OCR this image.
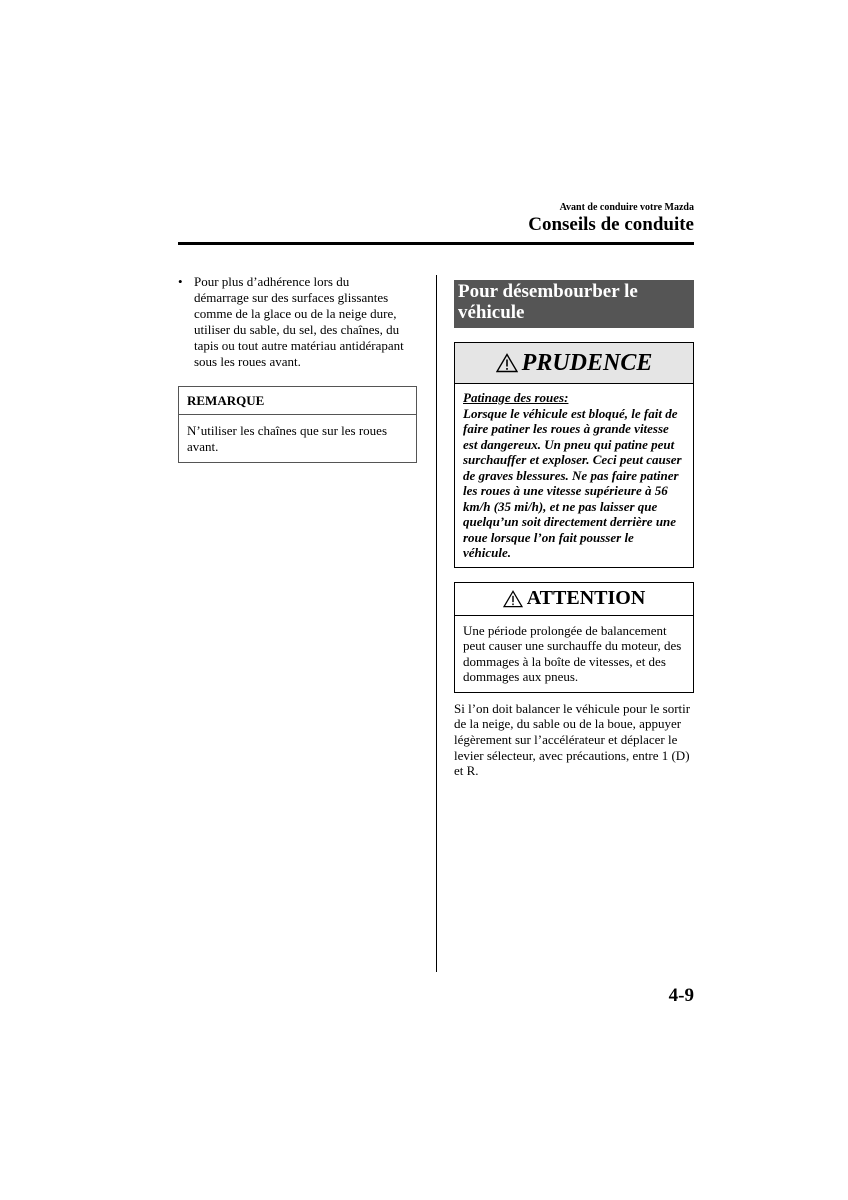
Avant de conduire votre Mazda
Conseils de conduite
• Pour plus d’adhérence lors du démarrage sur des surfaces glissantes comme de la glace ou de la neige dure, utiliser du sable, du sel, des chaînes, du tapis ou tout autre matériau antidérapant sous les roues avant.
REMARQUE
N’utiliser les chaînes que sur les roues avant.
Pour désembourber le véhicule
PRUDENCE
Patinage des roues:
Lorsque le véhicule est bloqué, le fait de faire patiner les roues à grande vitesse est dangereux. Un pneu qui patine peut surchauffer et exploser. Ceci peut causer de graves blessures. Ne pas faire patiner les roues à une vitesse supérieure à 56 km/h (35 mi/h), et ne pas laisser que quelqu’un soit directement derrière une roue lorsque l’on fait pousser le véhicule.
ATTENTION
Une période prolongée de balancement peut causer une surchauffe du moteur, des dommages à la boîte de vitesses, et des dommages aux pneus.
Si l’on doit balancer le véhicule pour le sortir de la neige, du sable ou de la boue, appuyer légèrement sur l’accélérateur et déplacer le levier sélecteur, avec précautions, entre 1 (D) et R.
4-9
